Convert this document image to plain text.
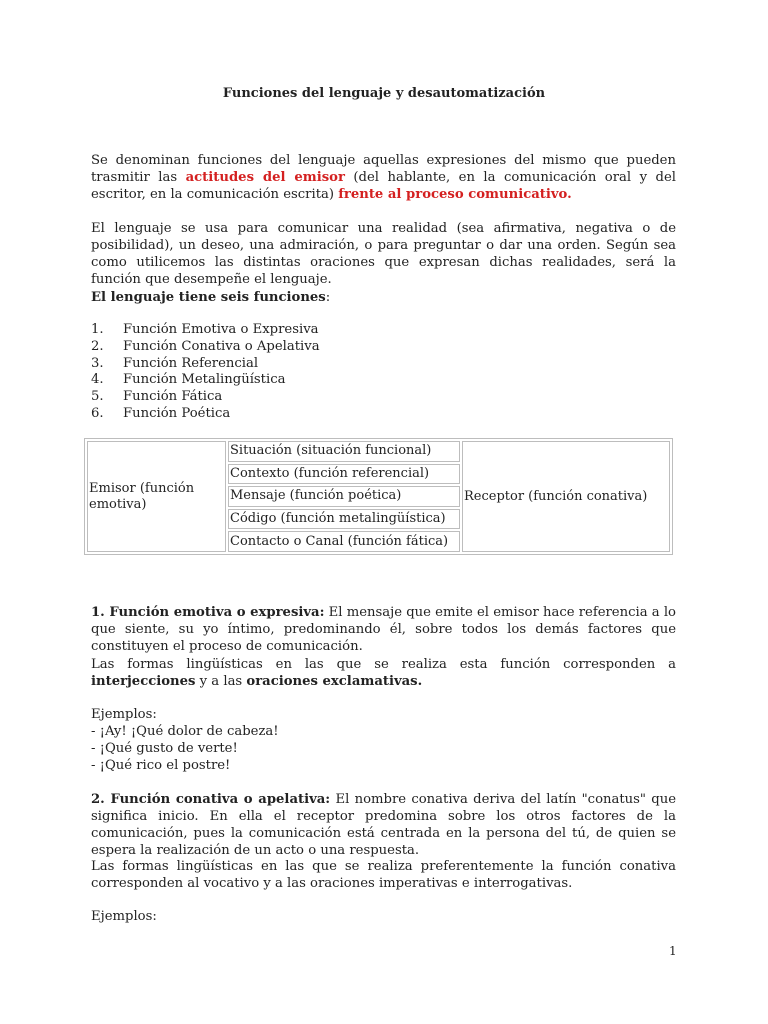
Funciones del lenguaje y desautomatización

Se denominan funciones del lenguaje aquellas expresiones del mismo que pueden trasmitir las actitudes del emisor (del hablante, en la comunicación oral y del escritor, en la comunicación escrita) frente al proceso comunicativo.

El lenguaje se usa para comunicar una realidad (sea afirmativa, negativa o de posibilidad), un deseo, una admiración, o para preguntar o dar una orden. Según sea como utilicemos las distintas oraciones que expresan dichas realidades, será la función que desempeñe el lenguaje.

El lenguaje tiene seis funciones:

1.	Función Emotiva o Expresiva
2.	Función Conativa o Apelativa
3.	Función Referencial
4.	Función Metalingüística
5.	Función Fática
6.	Función Poética
Emisor (función emotiva)	Situación (situación funcional)	Receptor (función conativa)
Contexto (función referencial)
Mensaje (función poética)
Código (función metalingüística)
Contacto o Canal (función fática)

1. Función emotiva o expresiva: El mensaje que emite el emisor hace referencia a lo que siente, su yo íntimo, predominando él, sobre todos los demás factores que constituyen el proceso de comunicación.

Las formas lingüísticas en las que se realiza esta función corresponden a interjecciones y a las oraciones exclamativas.

Ejemplos:
- ¡Ay! ¡Qué dolor de cabeza!
- ¡Qué gusto de verte!
- ¡Qué rico el postre!

2. Función conativa o apelativa: El nombre conativa deriva del latín "conatus" que significa inicio. En ella el receptor predomina sobre los otros factores de la comunicación, pues la comunicación está centrada en la persona del tú, de quien se espera la realización de un acto o una respuesta.

Las formas lingüísticas en las que se realiza preferentemente la función conativa corresponden al vocativo y a las oraciones imperativas e interrogativas.

Ejemplos:

1
